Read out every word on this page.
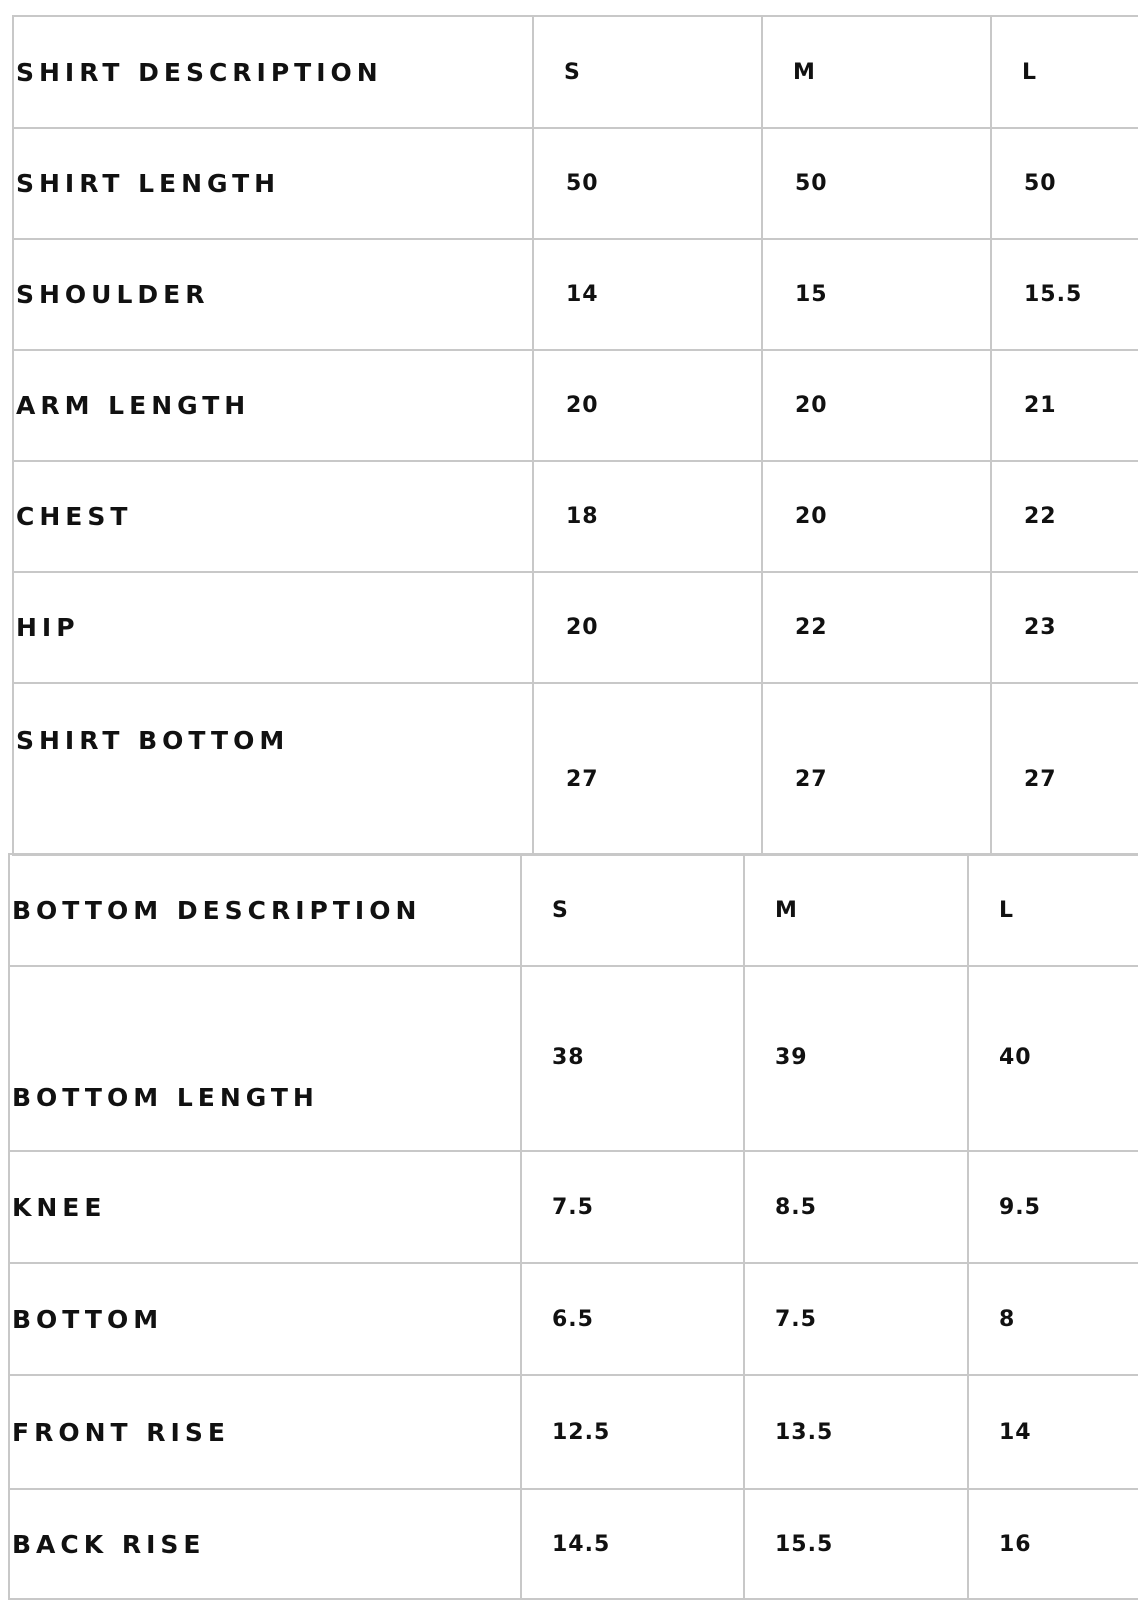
SHIRT DESCRIPTION	S	M	L
SHIRT LENGTH	50	50	50
SHOULDER	14	15	15.5
ARM LENGTH	20	20	21
CHEST	18	20	22
HIP	20	22	23
SHIRT BOTTOM	27	27	27
BOTTOM DESCRIPTION	S	M	L
BOTTOM LENGTH	38	39	40
KNEE	7.5	8.5	9.5
BOTTOM	6.5	7.5	8
FRONT RISE	12.5	13.5	14
BACK RISE	14.5	15.5	16
